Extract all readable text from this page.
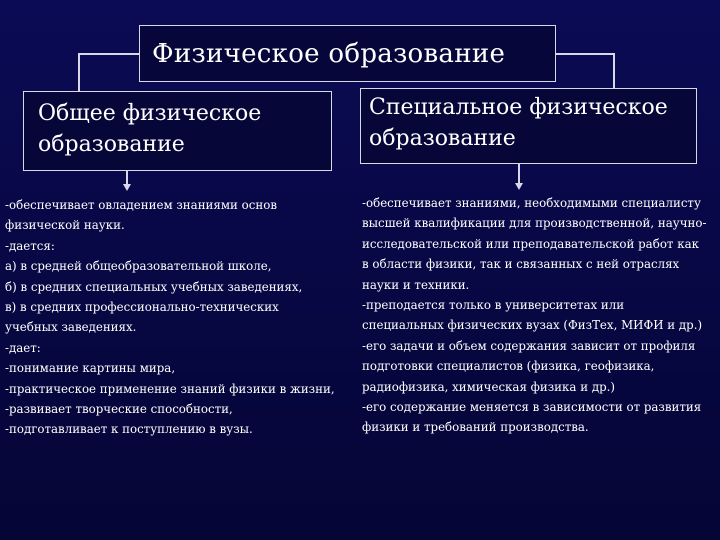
Физическое образование
Общее физическое образование
Специальное физическое образование
-обеспечивает овладением знаниями основ физической науки.
-дается:
а) в средней общеобразовательной школе,
б) в средних специальных учебных заведениях,
в) в средних профессионально-технических учебных заведениях.
-дает:
-понимание картины мира,
-практическое применение знаний физики в жизни,
-развивает творческие способности,
-подготавливает к поступлению в вузы.
-обеспечивает знаниями, необходимыми специалисту высшей квалификации для производственной, научно-исследовательской или преподавательской работ как в области физики, так и связанных с ней отраслях науки и техники.
-преподается только в университетах или специальных физических вузах (ФизТех, МИФИ и др.)
-его задачи и объем содержания зависит от профиля подготовки специалистов (физика, геофизика, радиофизика, химическая физика и др.)
-его содержание меняется в зависимости от развития физики и требований производства.
